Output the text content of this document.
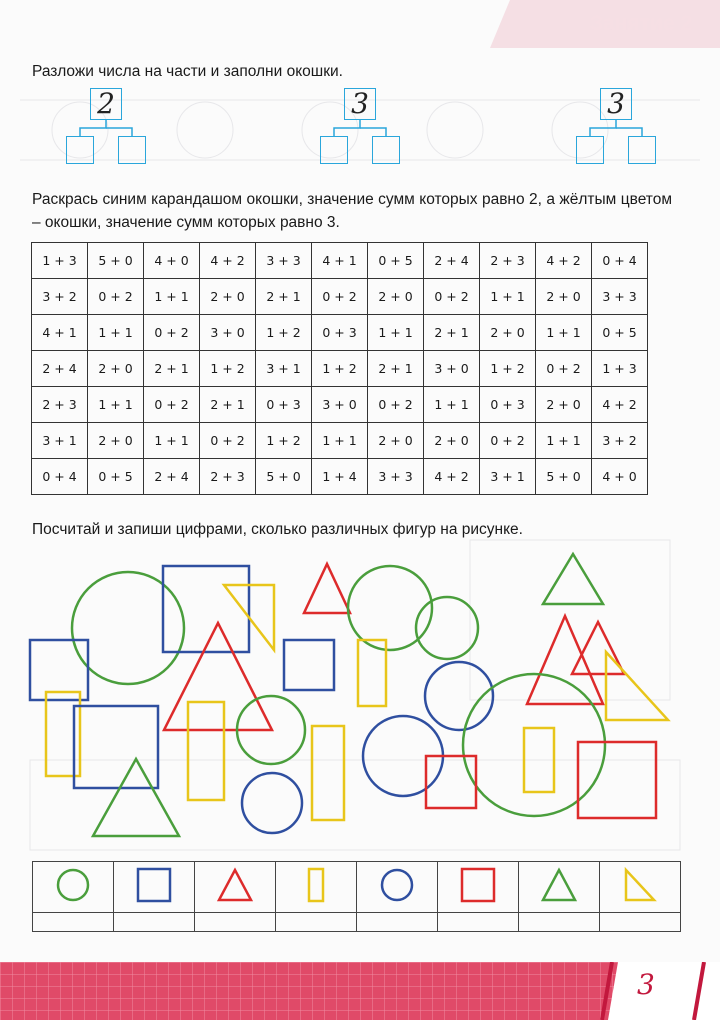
Занятие 2
Разложи числа на части и заполни окошки.
2	3	3
Раскрась синим карандашом окошки, значение сумм которых равно 2, а жёлтым цветом – окошки, значение сумм которых равно 3.
1 + 3	5 + 0	4 + 0	4 + 2	3 + 3	4 + 1	0 + 5	2 + 4	2 + 3	4 + 2	0 + 4
3 + 2	0 + 2	1 + 1	2 + 0	2 + 1	0 + 2	2 + 0	0 + 2	1 + 1	2 + 0	3 + 3
4 + 1	1 + 1	0 + 2	3 + 0	1 + 2	0 + 3	1 + 1	2 + 1	2 + 0	1 + 1	0 + 5
2 + 4	2 + 0	2 + 1	1 + 2	3 + 1	1 + 2	2 + 1	3 + 0	1 + 2	0 + 2	1 + 3
2 + 3	1 + 1	0 + 2	2 + 1	0 + 3	3 + 0	0 + 2	1 + 1	0 + 3	2 + 0	4 + 2
3 + 1	2 + 0	1 + 1	0 + 2	1 + 2	1 + 1	2 + 0	2 + 0	0 + 2	1 + 1	3 + 2
0 + 4	0 + 5	2 + 4	2 + 3	5 + 0	1 + 4	3 + 3	4 + 2	3 + 1	5 + 0	4 + 0
Посчитай и запиши цифрами, сколько различных фигур на рисунке.

3
